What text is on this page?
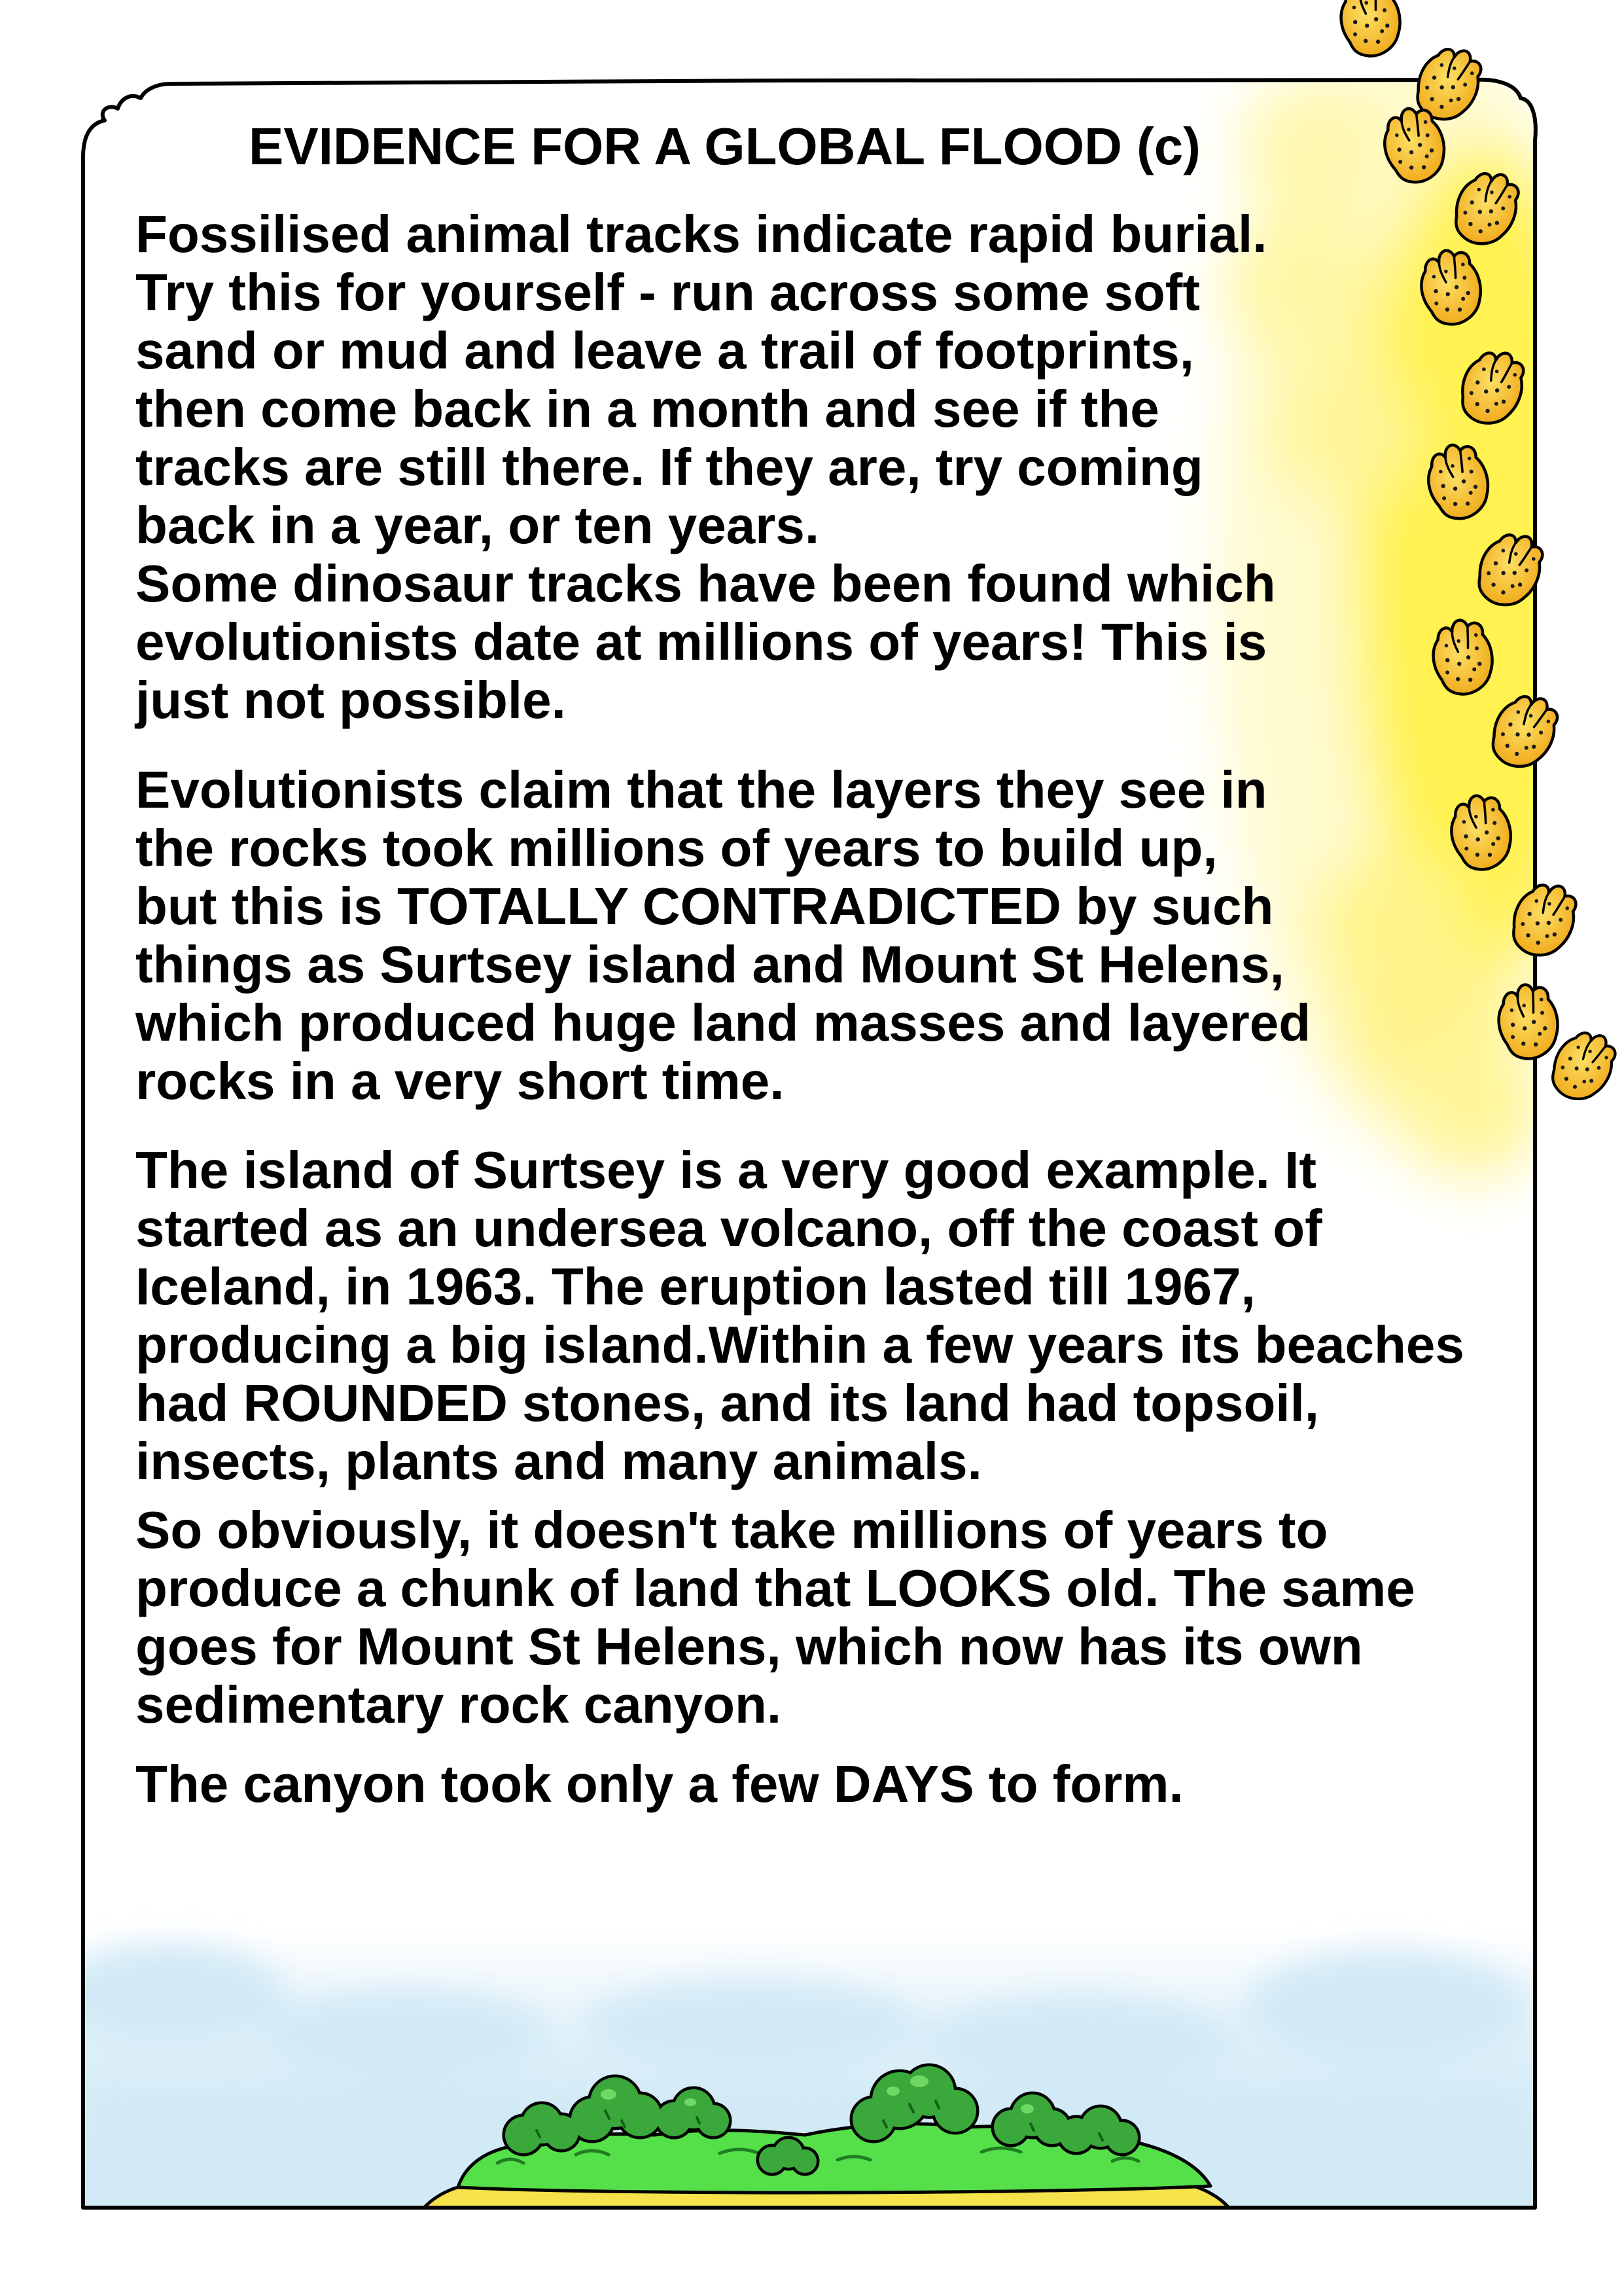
EVIDENCE FOR A GLOBAL FLOOD (c)

Fossilised animal tracks indicate rapid burial.
Try this for yourself - run across some soft
sand or mud and leave a trail of footprints,
then come back in a month and see if the
tracks are still there. If they are, try coming
back in a year, or ten years.
Some dinosaur tracks have been found which
evolutionists date at millions of years! This is
just not possible.

Evolutionists claim that the layers they see in
the rocks took millions of years to build up,
but this is TOTALLY CONTRADICTED by such
things as Surtsey island and Mount St Helens,
which produced huge land masses and layered
rocks in a very short time.

The island of Surtsey is a very good example. It
started as an undersea volcano, off the coast of
Iceland, in 1963. The eruption lasted till 1967,
producing a big island.Within a few years its beaches
had ROUNDED stones, and its land had topsoil,
insects, plants and many animals.

So obviously, it doesn't take millions of years to
produce a chunk of land that LOOKS old. The same
goes for Mount St Helens, which now has its own
sedimentary rock canyon.

The canyon took only a few DAYS to form.
